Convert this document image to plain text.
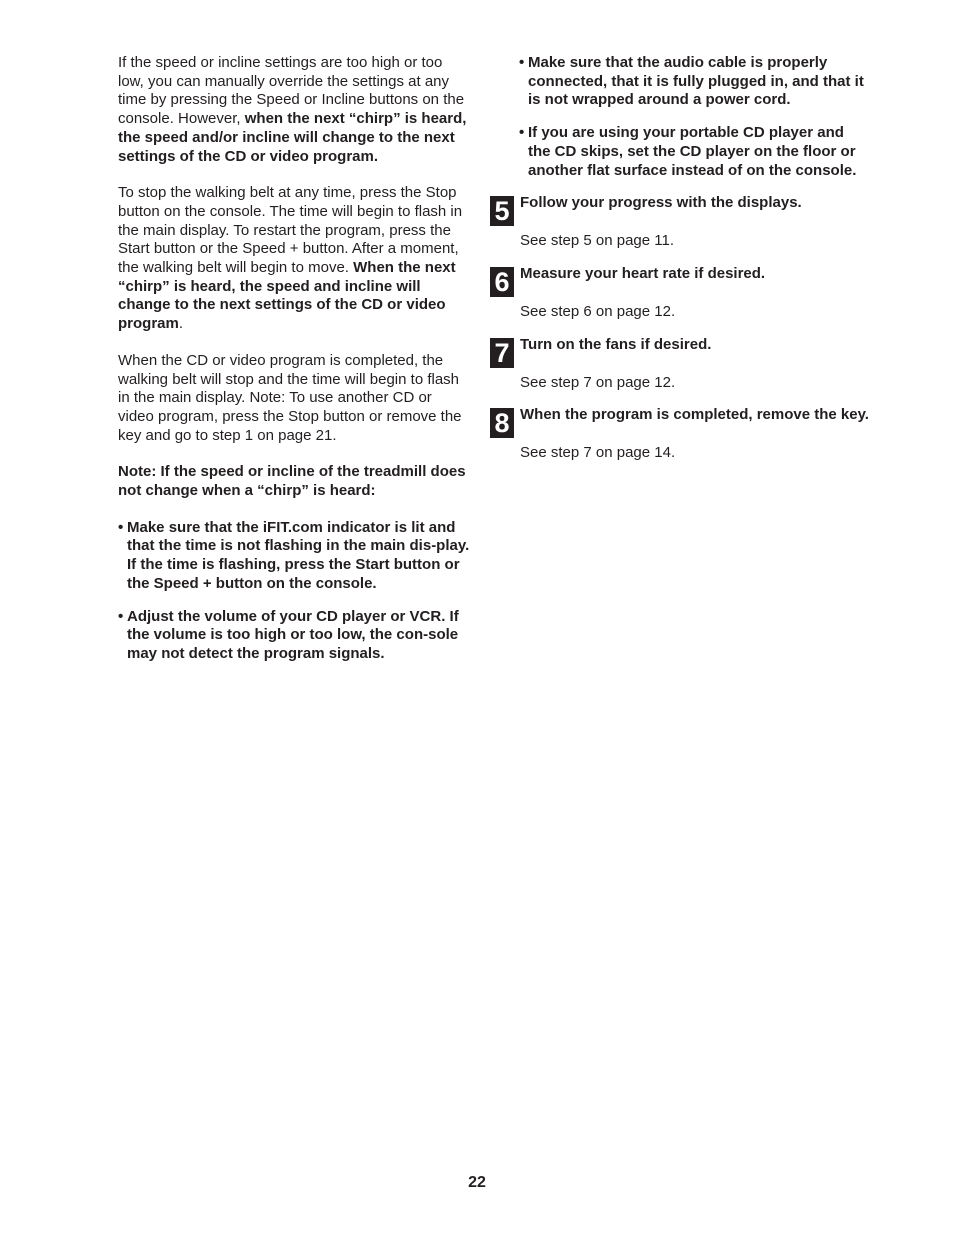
If the speed or incline settings are too high or too low, you can manually override the settings at any time by pressing the Speed or Incline buttons on the console. However, when the next “chirp” is heard, the speed and/or incline will change to the next settings of the CD or video program.

To stop the walking belt at any time, press the Stop button on the console. The time will begin to flash in the main display. To restart the program, press the Start button or the Speed + button. After a moment, the walking belt will begin to move. When the next “chirp” is heard, the speed and incline will change to the next settings of the CD or video program.

When the CD or video program is completed, the walking belt will stop and the time will begin to flash in the main display. Note: To use another CD or video program, press the Stop button or remove the key and go to step 1 on page 21.

Note: If the speed or incline of the treadmill does not change when a “chirp” is heard:

• Make sure that the iFIT.com indicator is lit and that the time is not flashing in the main dis-play. If the time is flashing, press the Start button or the Speed + button on the console.
• Adjust the volume of your CD player or VCR. If the volume is too high or too low, the con-sole may not detect the program signals.
• Make sure that the audio cable is properly connected, that it is fully plugged in, and that it is not wrapped around a power cord.
• If you are using your portable CD player and the CD skips, set the CD player on the floor or another flat surface instead of on the console.
5 Follow your progress with the displays.
See step 5 on page 11.
6 Measure your heart rate if desired.
See step 6 on page 12.
7 Turn on the fans if desired.
See step 7 on page 12.
8 When the program is completed, remove the key.
See step 7 on page 14.
22
